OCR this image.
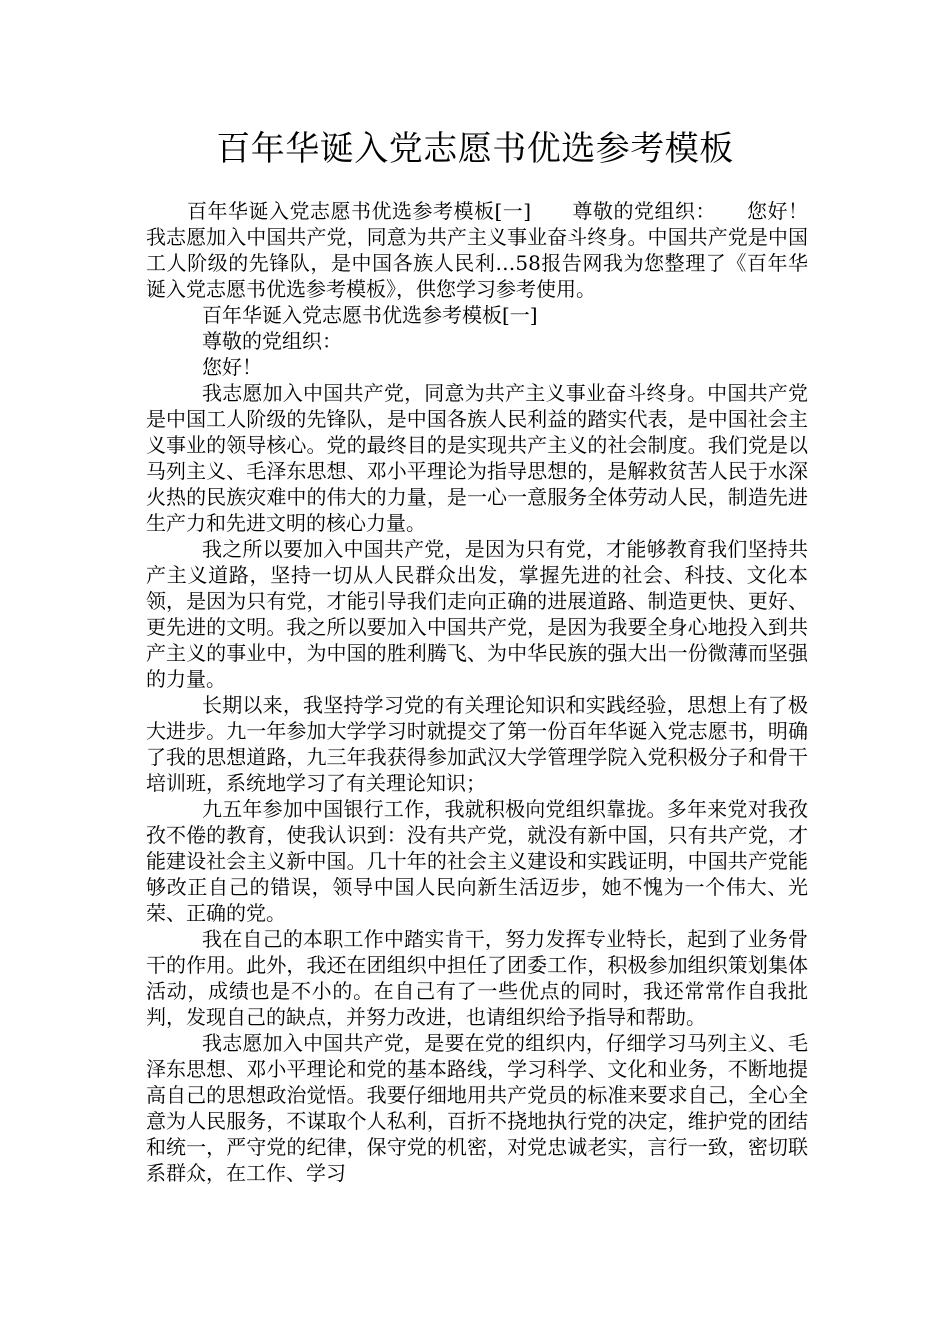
百年华诞入党志愿书优选参考模板

　　百年华诞入党志愿书优选参考模板[一]　　尊敬的党组织：　　您好！　　我志愿加入中国共产党，同意为共产主义事业奋斗终身。中国共产党是中国工人阶级的先锋队，是中国各族人民利…58报告网我为您整理了《百年华诞入党志愿书优选参考模板》，供您学习参考使用。

百年华诞入党志愿书优选参考模板[一]

尊敬的党组织：

您好！

我志愿加入中国共产党，同意为共产主义事业奋斗终身。中国共产党是中国工人阶级的先锋队，是中国各族人民利益的踏实代表，是中国社会主义事业的领导核心。党的最终目的是实现共产主义的社会制度。我们党是以马列主义、毛泽东思想、邓小平理论为指导思想的，是解救贫苦人民于水深火热的民族灾难中的伟大的力量，是一心一意服务全体劳动人民，制造先进生产力和先进文明的核心力量。

我之所以要加入中国共产党，是因为只有党，才能够教育我们坚持共产主义道路，坚持一切从人民群众出发，掌握先进的社会、科技、文化本领，是因为只有党，才能引导我们走向正确的进展道路、制造更快、更好、更先进的文明。我之所以要加入中国共产党，是因为我要全身心地投入到共产主义的事业中，为中国的胜利腾飞、为中华民族的强大出一份微薄而坚强的力量。

长期以来，我坚持学习党的有关理论知识和实践经验，思想上有了极大进步。九一年参加大学学习时就提交了第一份百年华诞入党志愿书，明确了我的思想道路，九三年我获得参加武汉大学管理学院入党积极分子和骨干培训班，系统地学习了有关理论知识；

九五年参加中国银行工作，我就积极向党组织靠拢。多年来党对我孜孜不倦的教育，使我认识到：没有共产党，就没有新中国，只有共产党，才能建设社会主义新中国。几十年的社会主义建设和实践证明，中国共产党能够改正自己的错误，领导中国人民向新生活迈步，她不愧为一个伟大、光荣、正确的党。

我在自己的本职工作中踏实肯干，努力发挥专业特长，起到了业务骨干的作用。此外，我还在团组织中担任了团委工作，积极参加组织策划集体活动，成绩也是不小的。在自己有了一些优点的同时，我还常常作自我批判，发现自己的缺点，并努力改进，也请组织给予指导和帮助。

我志愿加入中国共产党，是要在党的组织内，仔细学习马列主义、毛泽东思想、邓小平理论和党的基本路线，学习科学、文化和业务，不断地提高自己的思想政治觉悟。我要仔细地用共产党员的标准来要求自己，全心全意为人民服务，不谋取个人私利，百折不挠地执行党的决定，维护党的团结和统一，严守党的纪律，保守党的机密，对党忠诚老实，言行一致，密切联系群众，在工作、学习
